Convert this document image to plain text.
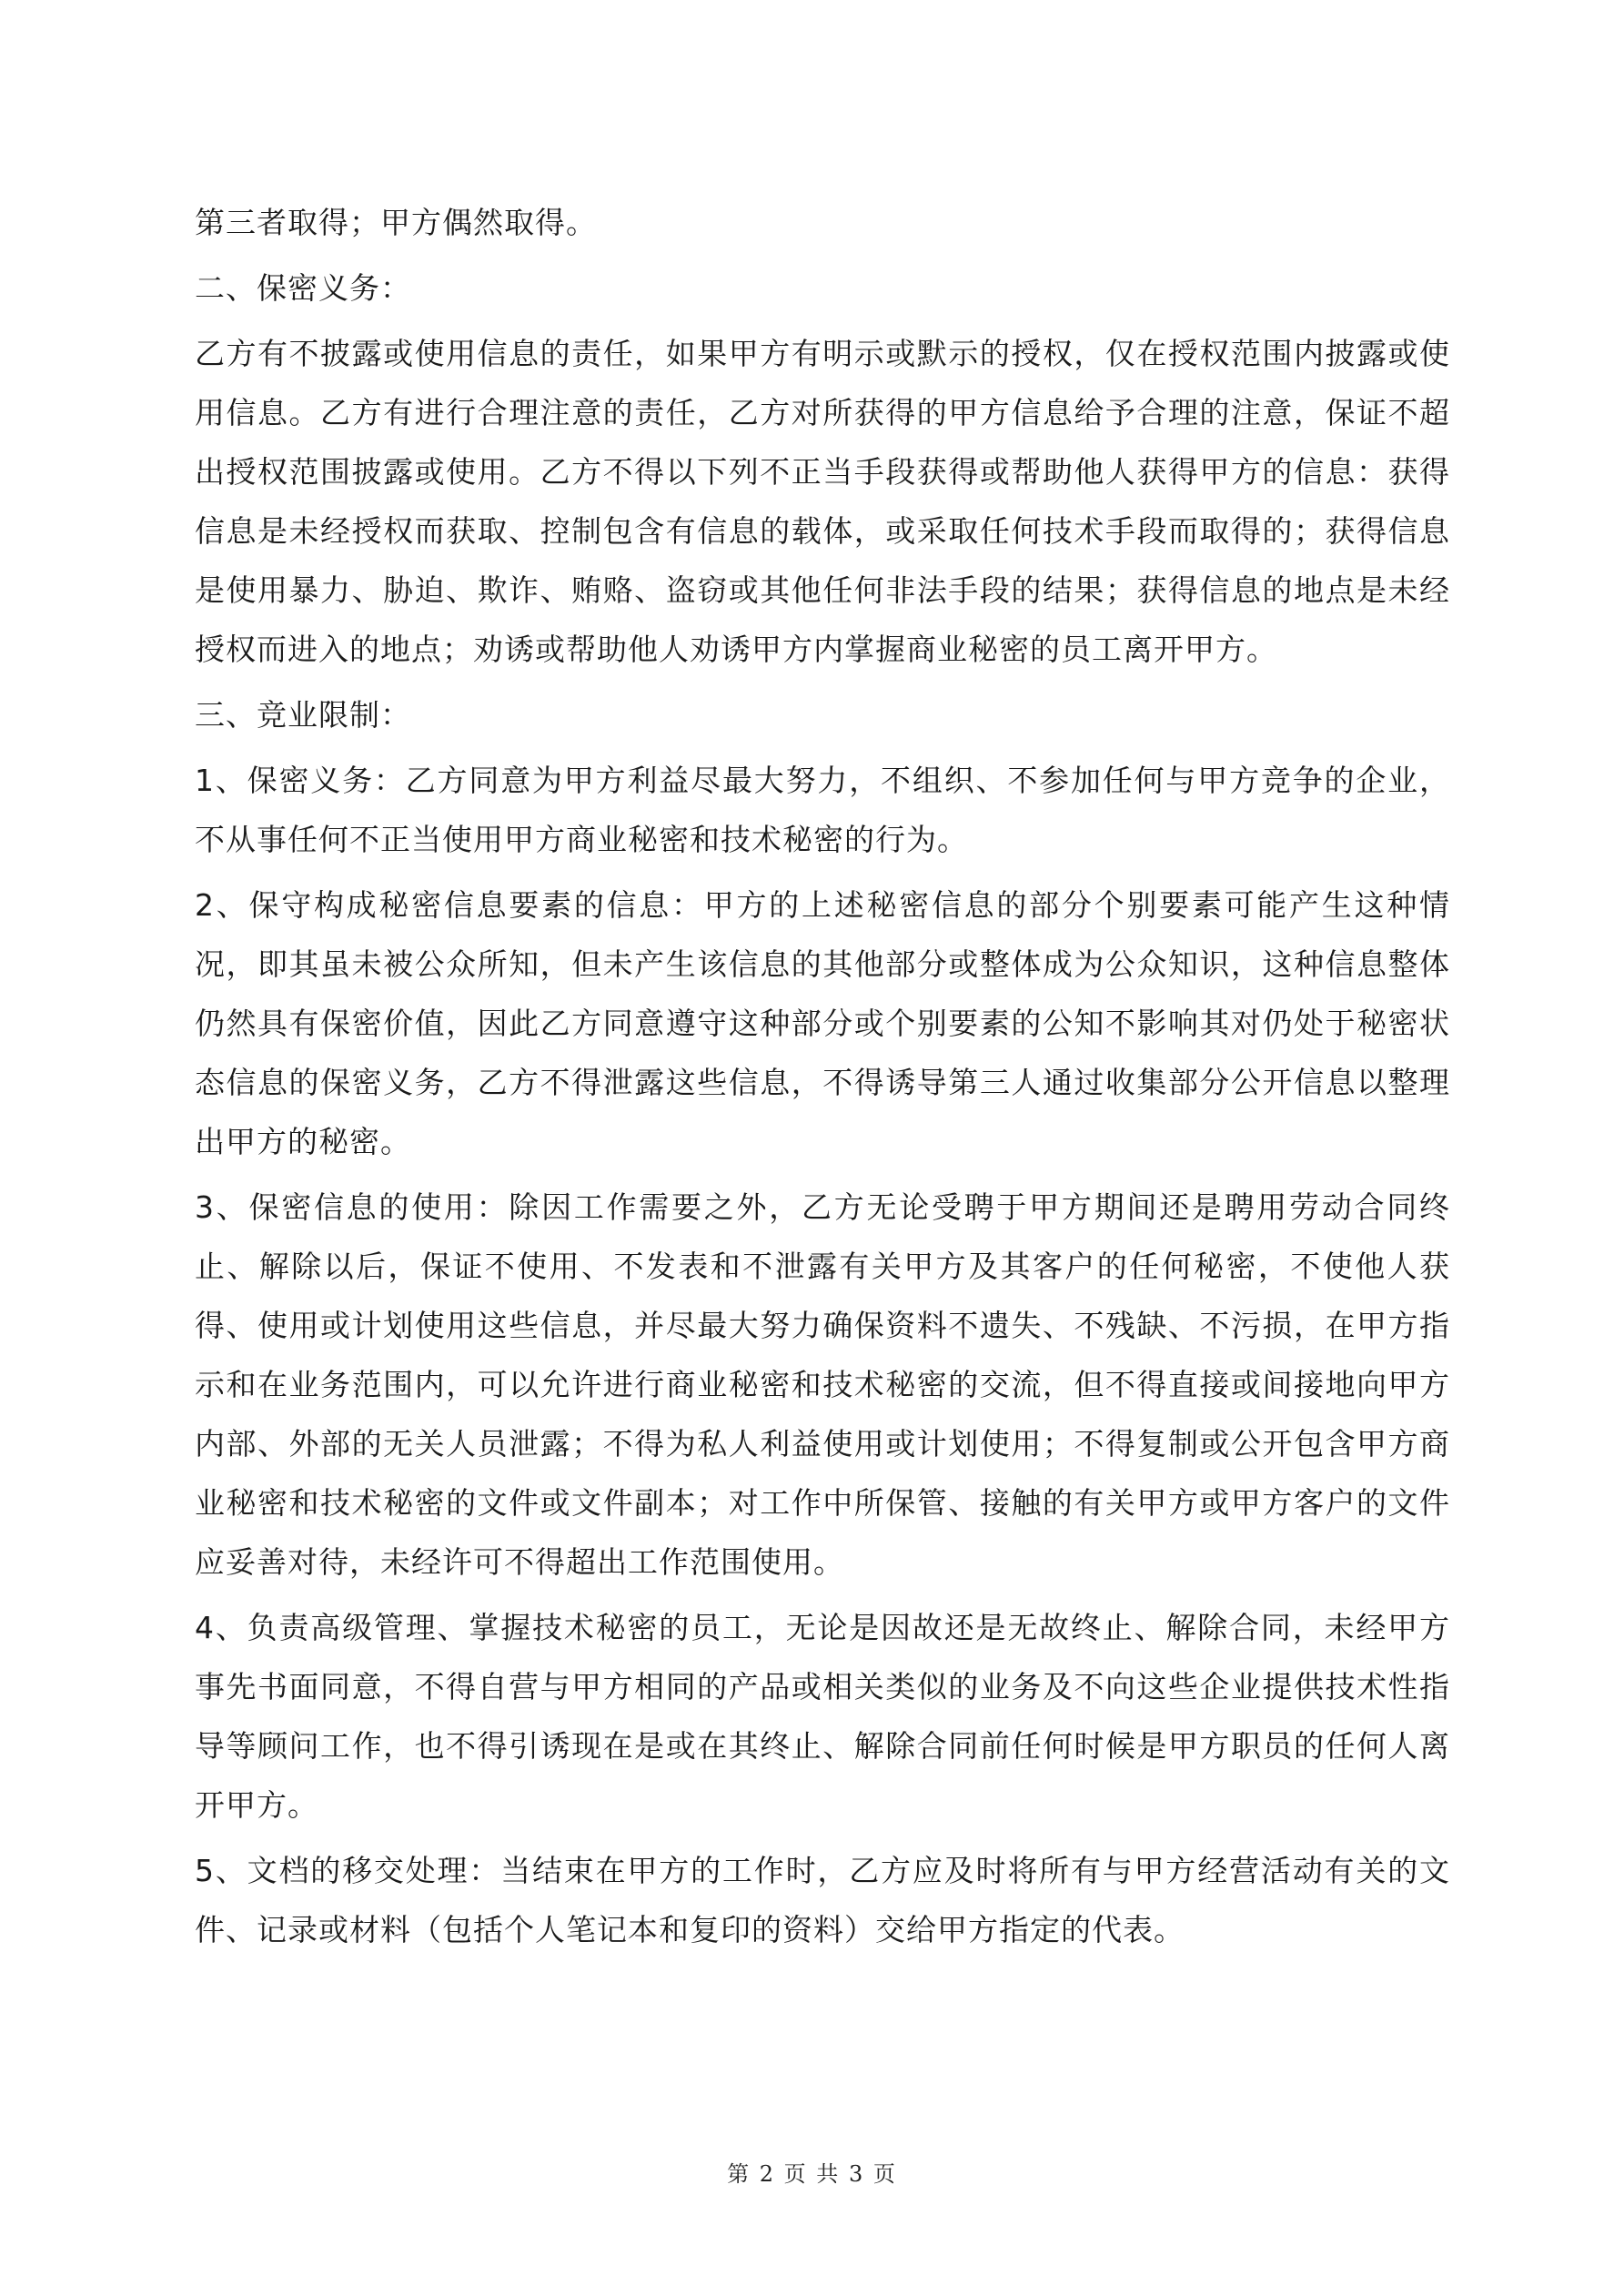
第三者取得；甲方偶然取得。

二、保密义务：

乙方有不披露或使用信息的责任，如果甲方有明示或默示的授权，仅在授权范围内披露或使用信息。乙方有进行合理注意的责任，乙方对所获得的甲方信息给予合理的注意，保证不超出授权范围披露或使用。乙方不得以下列不正当手段获得或帮助他人获得甲方的信息：获得信息是未经授权而获取、控制包含有信息的载体，或采取任何技术手段而取得的；获得信息是使用暴力、胁迫、欺诈、贿赂、盗窃或其他任何非法手段的结果；获得信息的地点是未经授权而进入的地点；劝诱或帮助他人劝诱甲方内掌握商业秘密的员工离开甲方。

三、竞业限制：

1、保密义务：乙方同意为甲方利益尽最大努力，不组织、不参加任何与甲方竞争的企业，不从事任何不正当使用甲方商业秘密和技术秘密的行为。

2、保守构成秘密信息要素的信息：甲方的上述秘密信息的部分个别要素可能产生这种情况，即其虽未被公众所知，但未产生该信息的其他部分或整体成为公众知识，这种信息整体仍然具有保密价值，因此乙方同意遵守这种部分或个别要素的公知不影响其对仍处于秘密状态信息的保密义务，乙方不得泄露这些信息，不得诱导第三人通过收集部分公开信息以整理出甲方的秘密。

3、保密信息的使用：除因工作需要之外，乙方无论受聘于甲方期间还是聘用劳动合同终止、解除以后，保证不使用、不发表和不泄露有关甲方及其客户的任何秘密，不使他人获得、使用或计划使用这些信息，并尽最大努力确保资料不遗失、不残缺、不污损，在甲方指示和在业务范围内，可以允许进行商业秘密和技术秘密的交流，但不得直接或间接地向甲方内部、外部的无关人员泄露；不得为私人利益使用或计划使用；不得复制或公开包含甲方商业秘密和技术秘密的文件或文件副本；对工作中所保管、接触的有关甲方或甲方客户的文件应妥善对待，未经许可不得超出工作范围使用。

4、负责高级管理、掌握技术秘密的员工，无论是因故还是无故终止、解除合同，未经甲方事先书面同意，不得自营与甲方相同的产品或相关类似的业务及不向这些企业提供技术性指导等顾问工作，也不得引诱现在是或在其终止、解除合同前任何时候是甲方职员的任何人离开甲方。

5、文档的移交处理：当结束在甲方的工作时，乙方应及时将所有与甲方经营活动有关的文件、记录或材料（包括个人笔记本和复印的资料）交给甲方指定的代表。

第 2 页 共 3 页
